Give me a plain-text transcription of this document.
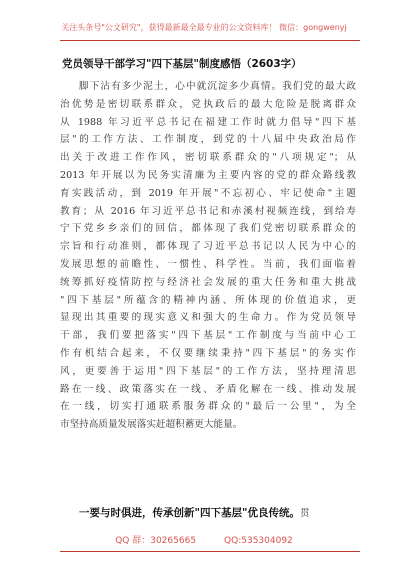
关注头条号"公文研究"，获得最新最全最专业的公文资料库！ 微信：gongwenyj
党员领导干部学习"四下基层"制度感悟（2603字）
脚下沾有多少泥土，心中就沉淀多少真情。我们党的最大政
治优势是密切联系群众，党执政后的最大危险是脱离群众
从 1988 年习近平总书记在福建工作时就力倡导"四下基
层"的工作方法、工作制度，到党的十八届中央政治局作
出关于改进工作作风，密切联系群众的"八项规定"；从
2013 年开展以为民务实清廉为主要内容的党的群众路线教
育实践活动，到 2019 年开展"不忘初心、牢记使命"主题
教育；从 2016 年习近平总书记和赤溪村视频连线，到给寿
宁下党乡乡亲们的回信，都体现了我们党密切联系群众的
宗旨和行动准则，都体现了习近平总书记以人民为中心的
发展思想的前瞻性、一惯性、科学性。当前，我们面临着
统筹抓好疫情防控与经济社会发展的重大任务和重大挑战
"四下基层"所蕴含的精神内涵、所体现的价值追求，更
显现出其重要的现实意义和强大的生命力。作为党员领导
干部，我们要把落实"四下基层"工作制度与当前中心工
作有机结合起来，不仅要继续秉持"四下基层"的务实作
风，更要善于运用"四下基层"的工作方法，坚持理清思
路在一线、政策落实在一线、矛盾化解在一线、推动发展
在一线，切实打通联系服务群众的"最后一公里"，为全
市坚持高质量发展落实赶超积蓄更大能量。
一要与时俱进，传承创新"四下基层"优良传统。贯
QQ 群：30265665	QQ:535304092
